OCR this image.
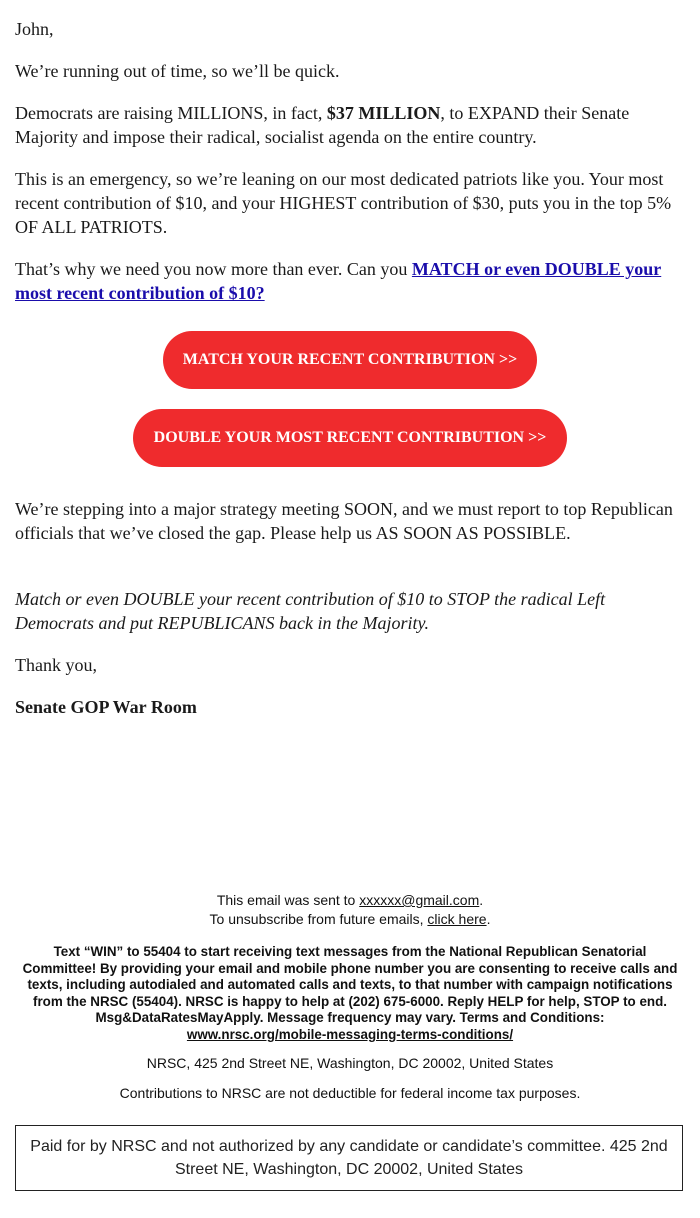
John,

We’re running out of time, so we’ll be quick.

Democrats are raising MILLIONS, in fact, $37 MILLION, to EXPAND their Senate Majority and impose their radical, socialist agenda on the entire country.

This is an emergency, so we’re leaning on our most dedicated patriots like you. Your most recent contribution of $10, and your HIGHEST contribution of $30, puts you in the top 5% OF ALL PATRIOTS.

That’s why we need you now more than ever. Can you MATCH or even DOUBLE your most recent contribution of $10?

We’re stepping into a major strategy meeting SOON, and we must report to top Republican officials that we’ve closed the gap. Please help us AS SOON AS POSSIBLE.

Match or even DOUBLE your recent contribution of $10 to STOP the radical Left Democrats and put REPUBLICANS back in the Majority.

Thank you,

Senate GOP War Room

MATCH YOUR RECENT CONTRIBUTION >>
DOUBLE YOUR MOST RECENT CONTRIBUTION >>
This email was sent to xxxxxx@gmail.com.
To unsubscribe from future emails, click here.
Text “WIN” to 55404 to start receiving text messages from the National Republican Senatorial Committee! By providing your email and mobile phone number you are consenting to receive calls and texts, including autodialed and automated calls and texts, to that number with campaign notifications from the NRSC (55404). NRSC is happy to help at (202) 675-6000. Reply HELP for help, STOP to end. Msg&DataRatesMayApply. Message frequency may vary. Terms and Conditions:
www.nrsc.org/mobile-messaging-terms-conditions/
NRSC, 425 2nd Street NE, Washington, DC 20002, United States
Contributions to NRSC are not deductible for federal income tax purposes.
Paid for by NRSC and not authorized by any candidate or candidate’s committee. 425 2nd Street NE, Washington, DC 20002, United States
